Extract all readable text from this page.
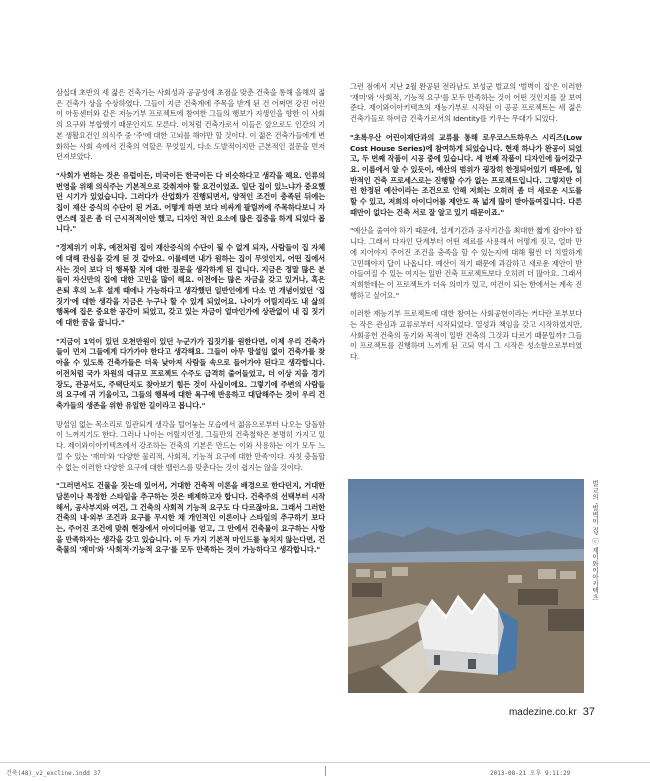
삼십대 초반의 세 젊은 건축가는 사회성과 공공성에 초점을 맞춘 건축을 통해 올해의 젊은 건축가 상을 수상하였다. 그들이 지금 건축계에 주목을 받게 된 건 어쩌면 강진 어린이 아동센터와 같은 저능기부 프로젝트에 참여한 그들의 행보가 지생인을 향한 이 사회의 요구와 부합했기 때문인지도 모른다. 이처럼 건축가로서 이들은 앞으로도 인간의 기본 생활요건인 의식주 중 '주'에 대한 고뇌를 해야만 할 것이다. 이 젊은 건축가들에게 변화하는 사회 속에서 건축의 역할은 무엇일지, 다소 도발적이지만 근본적인 질문을 먼저 던져보았다.

"사회가 변하는 것은 유럽이든, 미국이든 한국이든 다 비슷하다고 생각을 해요. 인류의 번영을 위해 의식주는 기본적으로 갖춰져야 할 요건이었죠. 일단 집이 있느냐가 중요했던 시기가 있었습니다. 그러다가 산업화가 진행되면서, 양적인 조건이 충족된 뒤에는 집이 재산 증식의 수단이 된 거죠. 어떻게 하면 보다 비싸게 팔릴까에 주목하다보니 자연스레 질은 좀 더 근시적적이안 했고, 디자인 적인 요소에 많은 집중을 하게 되었다 봅니다."

"경제위기 이후, 예전처럼 집이 재산증식의 수단이 될 수 없게 되자, 사람들이 집 자체에 대해 관심을 갖게 된 것 같아요. 이를테면 내가 원하는 집이 무엇인지, 어떤 집에서 사는 것이 보다 더 행복할 지에 대한 질문을 생각하게 된 겁니다. 지금은 정말 많은 분들이 자신만의 집에 대한 고민을 많이 해요. 이전에는 많은 자금을 갖고 있거나, 혹은 은퇴 후의 노후 설계 때에나 가능하다고 생각했던 일반인에게 다소 먼 개념이었던 '집짓기'에 대한 생각을 지금은 누구나 할 수 있게 되었어요. 나이가 어릴지라도 내 삶의 행복에 집은 중요한 공간이 되었고, 갖고 있는 자금이 얼마인가에 상관없이 내 집 짓기에 대한 꿈을 꿉니다."

"지금이 1억이 있던 오천만원이 있던 누군가가 집짓기를 원한다면, 이제 우리 건축가들이 먼저 그들에게 다가가야 한다고 생각해요. 그들이 아무 망설임 없이 건축가를 찾아올 수 있도록 건축가들은 더욱 낮아져 사람들 속으로 들어가야 된다고 생각합니다. 이전처럼 국가 차원의 대규모 프로젝트 수주도 급격히 줄어들었고, 더 이상 지을 경기장도, 관공서도, 주택단지도 찾아보기 힘든 것이 사실이에요. 그렇기에 주변의 사람들의 요구에 귀 기울이고, 그들의 행복에 대한 욕구에 반응하고 대답해주는 것이 우리 건축가들의 생존을 위한 유일한 길이라고 봅니다."

망설임 없는 목소리로 일관되게 생각을 털어놓는 모습에서 젊음으로부터 나오는 당돌함이 느껴지기도 한다. 그러나 나이는 어릴지언정, 그들만의 건축철학은 분명히 가지고 있다. 제이와이아키텍츠에서 강조하는 건축의 기본은 만드는 이와 사용하는 이가 모두 느낄 수 있는 '재미'와 '다양한 물리적, 사회적, 기능적 요구에 대한 만족'이다. 자칫 충돌할 수 없는 이러한 다양한 요구에 대한 밸런스를 맞춘다는 것이 쉽지는 않을 것이다.

"그러면서도 건물을 짓는데 있어서, 거대한 건축적 이론을 배경으로 한다던지, 거대한 담론이나 특정한 스타일을 추구하는 것은 배제하고자 합니다. 건축주의 선택부터 시작해서, 공사부지와 여건, 그 건축의 사회적 기능적 요구도 다 다르잖아요. 그래서 그러한 건축의 내·외부 조건과 요구를 무시한 채 개인적인 이론이나 스타일의 추구하기 보다는, 주어진 조건에 맞춰 현장에서 아이디어를 얻고, 그 안에서 건축물이 요구하는 사항을 만족하자는 생각을 갖고 있습니다. 이 두 가지 기본적 마인드를 놓치지 않는다면, 건축물의 '재미'와 '사회적·기능적 요구'를 모두 만족하는 것이 가능하다고 생각합니다."

그런 점에서 지난 2월 완공된 전라남도 보성군 벌교의 '벌벽이 집'은 이러한 '재미'와 '사회적, 기능적 요구'를 모두 만족하는 것이 어떤 것인지를 잘 보여준다. 제이와이아키텍츠의 재능기부로 시작된 이 공공 프로젝트는 세 젊은 건축가들로 하여금 건축가로서의 Identity를 키우는 무대가 되었다.

"초록우산 어린이재단과의 교류를 통해 로우코스트하우스 시리즈(Low Cost House Series)에 참여하게 되었습니다. 현재 하나가 완공이 되었고, 두 번째 작품이 시공 중에 있습니다. 세 번째 작품이 디자인에 들어갔구요. 이름에서 알 수 있듯이, 예산의 범위가 굉장히 한정되어있기 때문에, 일반적인 건축 프로세스로는 진행할 수가 없는 프로젝트입니다. 그렇지만 이런 한정된 예산이라는 조건으로 인해 저희는 오히려 좀 더 새로운 시도를 할 수 있고, 저희의 아이디어를 제안도 폭 넓게 많이 받아들여집니다. 다른 때만이 없다는 건축 서로 잘 알고 있기 때문이죠."

"예산을 줄여야 하기 때문에, 설계기간과 공사기간을 최대한 짧게 잡아야 합니다. 그래서 다자인 단계부터 어떤 재료를 사용해서 어떻게 짓고, 얼마 만에 지어야지 주어진 조건을 충족을 할 수 있는지에 대해 훨씬 더 치열하게 고민해야지 답이 나옵니다. 예산이 적기 때문에 과감하고 새로운 제안이 받아들여질 수 있는 여지는 일반 건축 프로젝트보다 오히려 더 많아요. 그래서 저희한테는 이 프로젝트가 더욱 의미가 있고, 여건이 되는 한에서는 계속 진행하고 싶어요."

이러한 재능기부 프로젝트에 대한 참여는 사회공헌이라는 커다란 포부보다는 작은 관심과 교류로부터 시작되었다. 열성과 책임을 갖고 시작하였지만, 사회공헌 건축의 동기와 목적이 일반 건축의 그것과 다르기 때문일까? 그들이 프로젝트를 진행하며 느끼게 된 고되 역시 그 시작은 성소함으로부터였다.

벌교의 '벌벽이 집' ⓒ 제이와이아키텍츠
madezine.co.kr 37
건축(48)_v2_excline.indd 37	2013-08-21 오후 9:11:29
